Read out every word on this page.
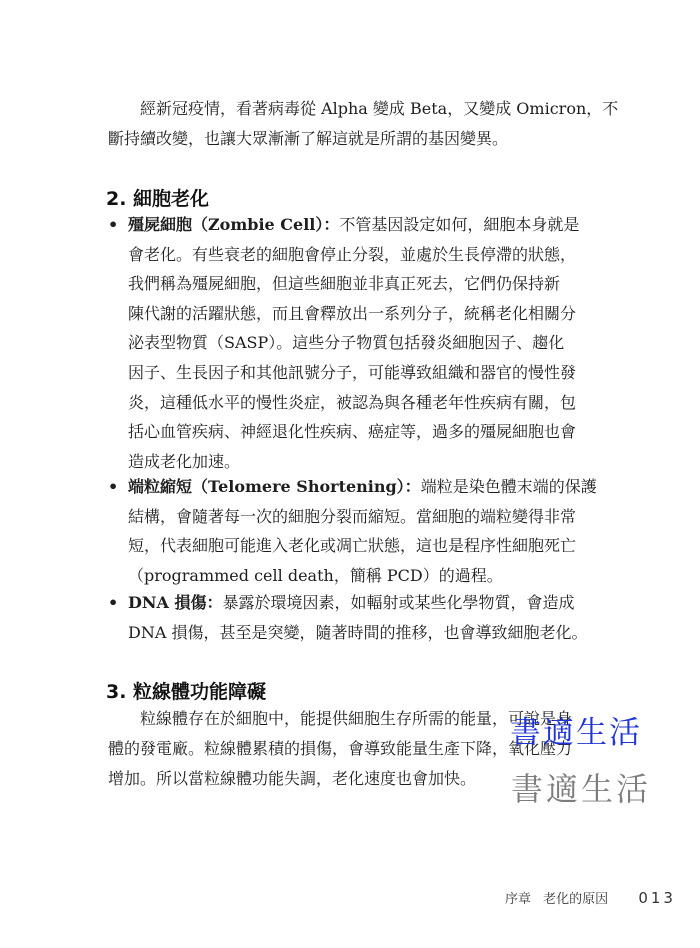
經新冠疫情，看著病毒從 Alpha 變成 Beta，又變成 Omicron，不
斷持續改變，也讓大眾漸漸了解這就是所謂的基因變異。
2. 細胞老化
• 殭屍細胞（Zombie Cell）：不管基因設定如何，細胞本身就是
會老化。有些衰老的細胞會停止分裂，並處於生長停滯的狀態，
我們稱為殭屍細胞，但這些細胞並非真正死去，它們仍保持新
陳代謝的活躍狀態，而且會釋放出一系列分子，統稱老化相關分
泌表型物質（SASP）。這些分子物質包括發炎細胞因子、趨化
因子、生長因子和其他訊號分子，可能導致組織和器官的慢性發
炎，這種低水平的慢性炎症，被認為與各種老年性疾病有關，包
括心血管疾病、神經退化性疾病、癌症等，過多的殭屍細胞也會
造成老化加速。
• 端粒縮短（Telomere Shortening）：端粒是染色體末端的保護
結構，會隨著每一次的細胞分裂而縮短。當細胞的端粒變得非常
短，代表細胞可能進入老化或凋亡狀態，這也是程序性細胞死亡
（programmed cell death，簡稱 PCD）的過程。
• DNA 損傷：暴露於環境因素，如輻射或某些化學物質，會造成
DNA 損傷，甚至是突變，隨著時間的推移，也會導致細胞老化。
3. 粒線體功能障礙
粒線體存在於細胞中，能提供細胞生存所需的能量，可說是身
體的發電廠。粒線體累積的損傷，會導致能量生產下降，氧化壓力
增加。所以當粒線體功能失調，老化速度也會加快。
書適生活
書適生活
序章 老化的原因 013
